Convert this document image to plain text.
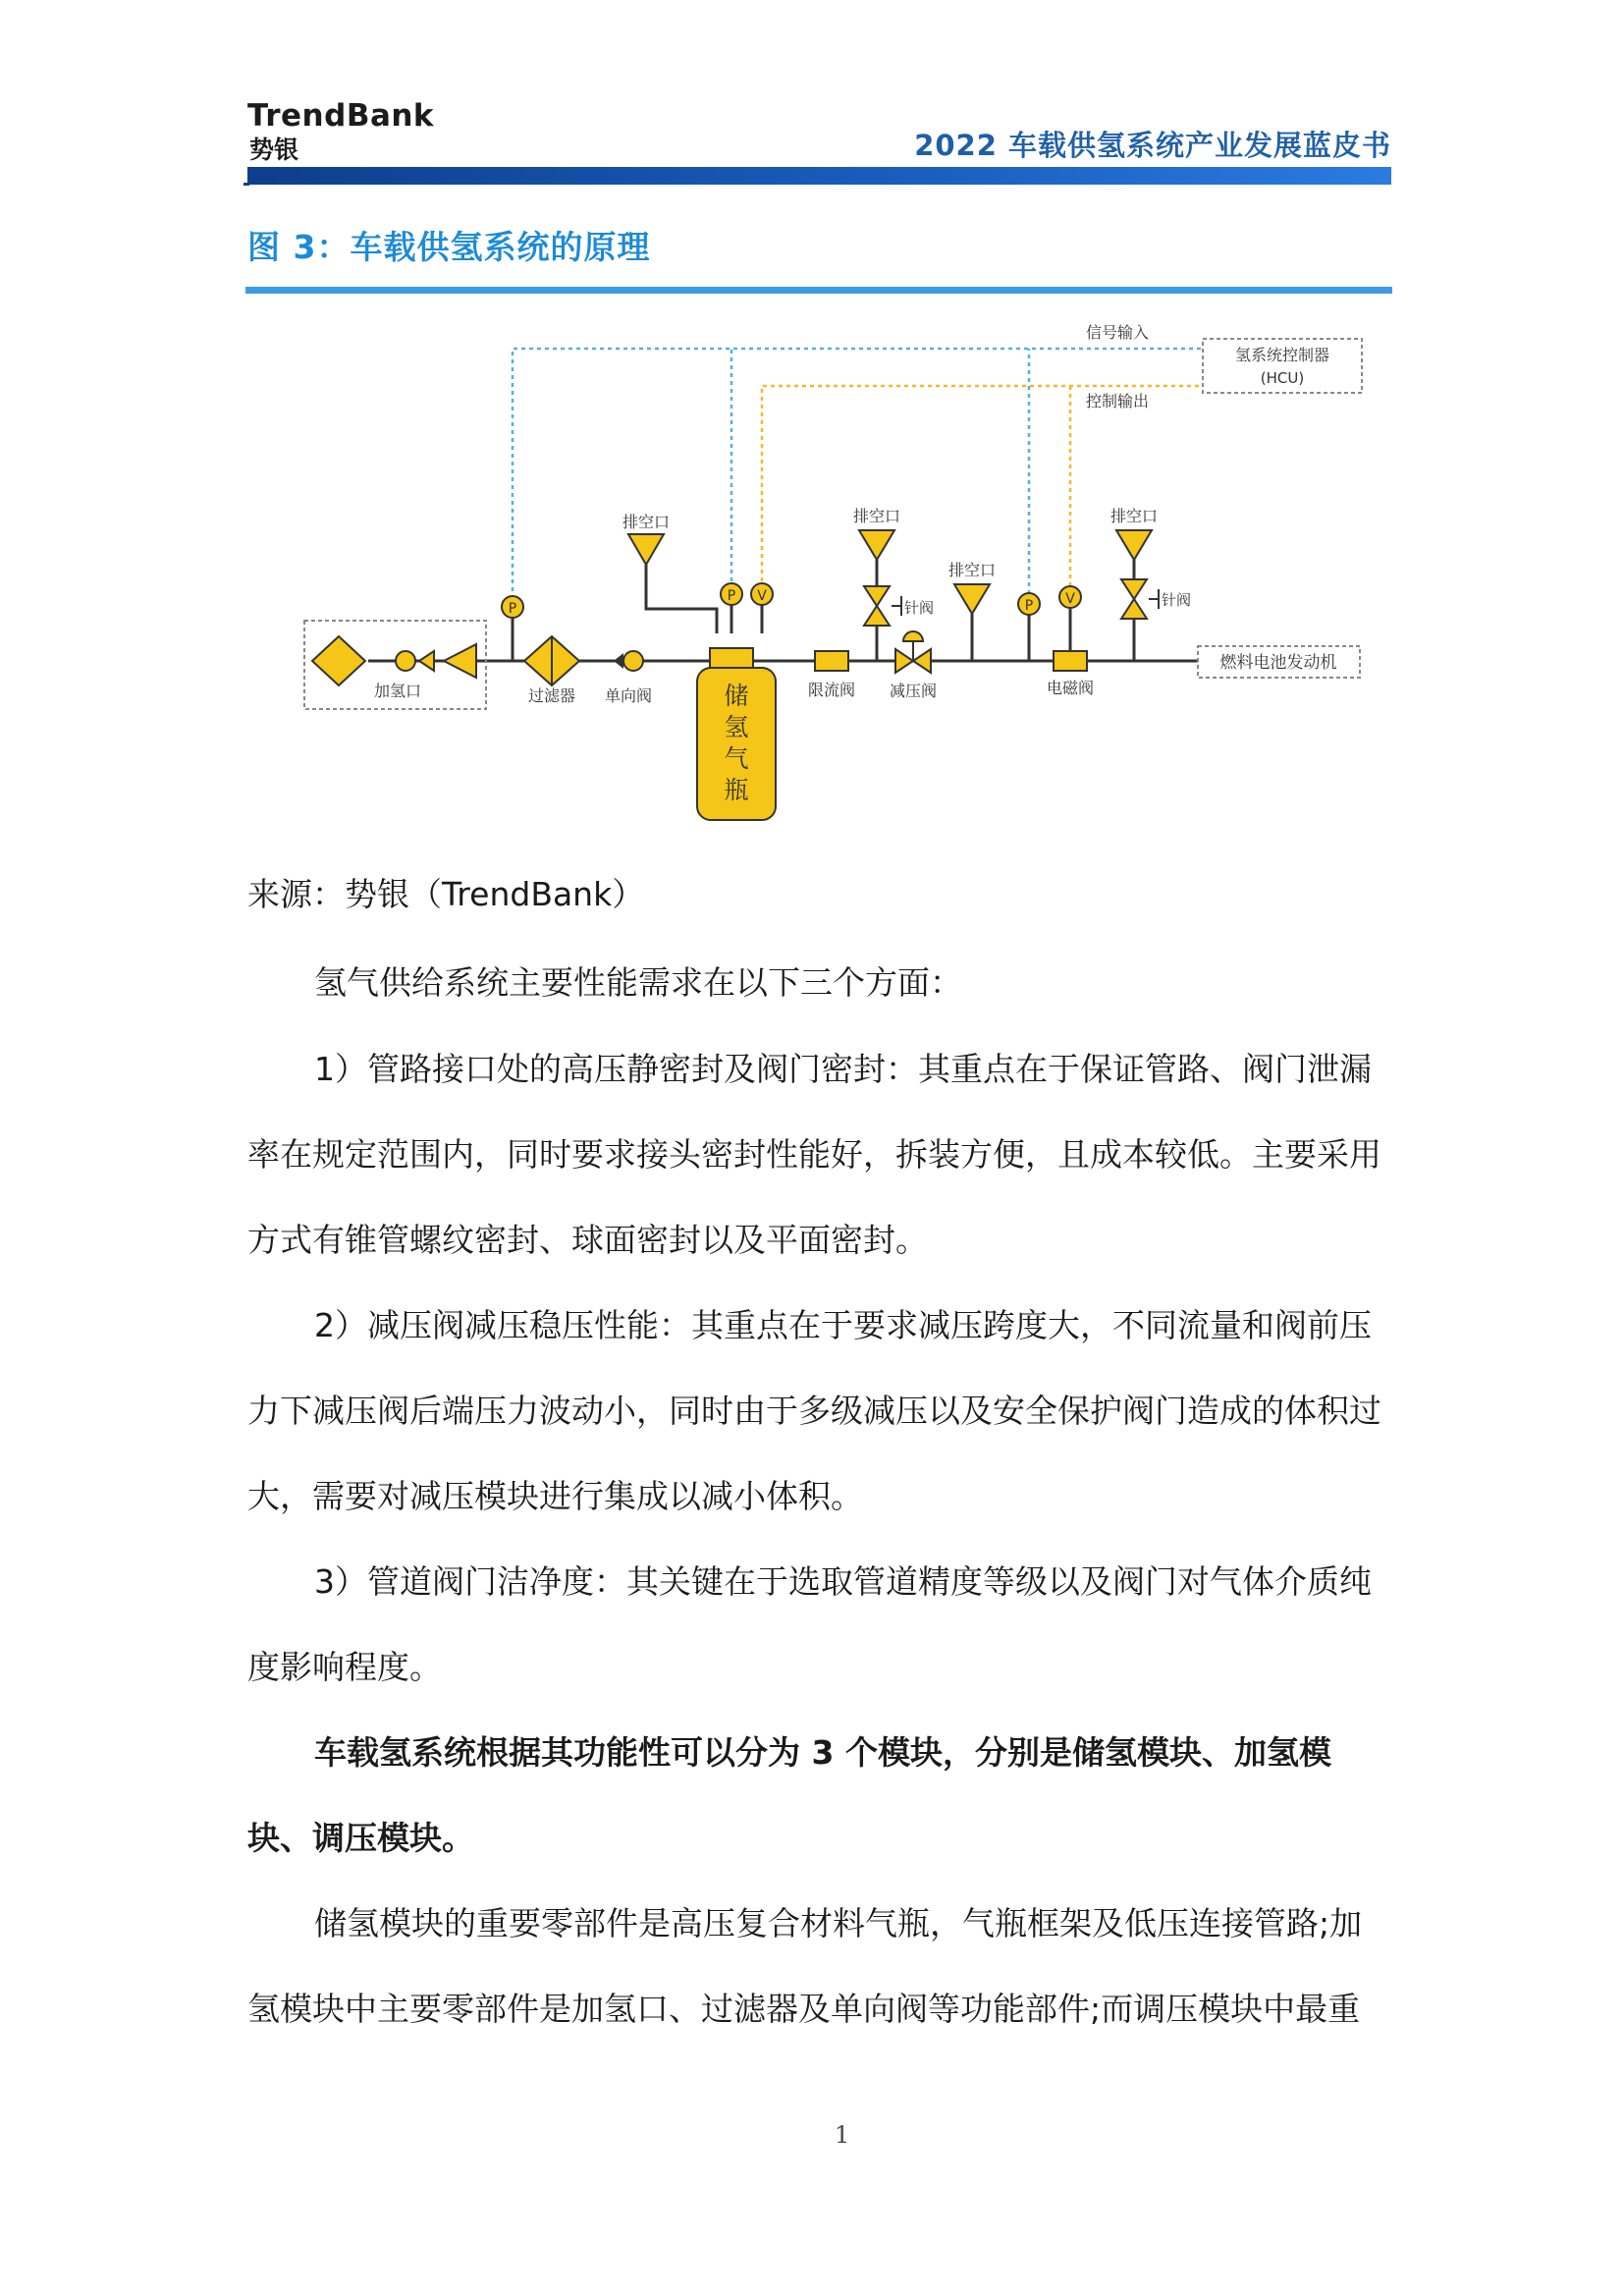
TrendBank
势银	2022 车载供氢系统产业发展蓝皮书
图 3：车载供氢系统的原理
氢系统控制器
(HCU)
信号输入
控制输出
加氢口
P
过滤器 单向阀
排空口
P V
储
氢
气
瓶
限流阀
排空口
针阀
减压阀
排空口
P V
电磁阀
排空口
针阀
燃料电池发动机
来源：势银（TrendBank）
氢气供给系统主要性能需求在以下三个方面：
1）管路接口处的高压静密封及阀门密封：其重点在于保证管路、阀门泄漏率在规定范围内，同时要求接头密封性能好，拆装方便，且成本较低。主要采用方式有锥管螺纹密封、球面密封以及平面密封。
2）减压阀减压稳压性能：其重点在于要求减压跨度大，不同流量和阀前压力下减压阀后端压力波动小，同时由于多级减压以及安全保护阀门造成的体积过大，需要对减压模块进行集成以减小体积。
3）管道阀门洁净度：其关键在于选取管道精度等级以及阀门对气体介质纯度影响程度。
车载氢系统根据其功能性可以分为 3 个模块，分别是储氢模块、加氢模块、调压模块。
储氢模块的重要零部件是高压复合材料气瓶，气瓶框架及低压连接管路;加氢模块中主要零部件是加氢口、过滤器及单向阀等功能部件;而调压模块中最重
1
